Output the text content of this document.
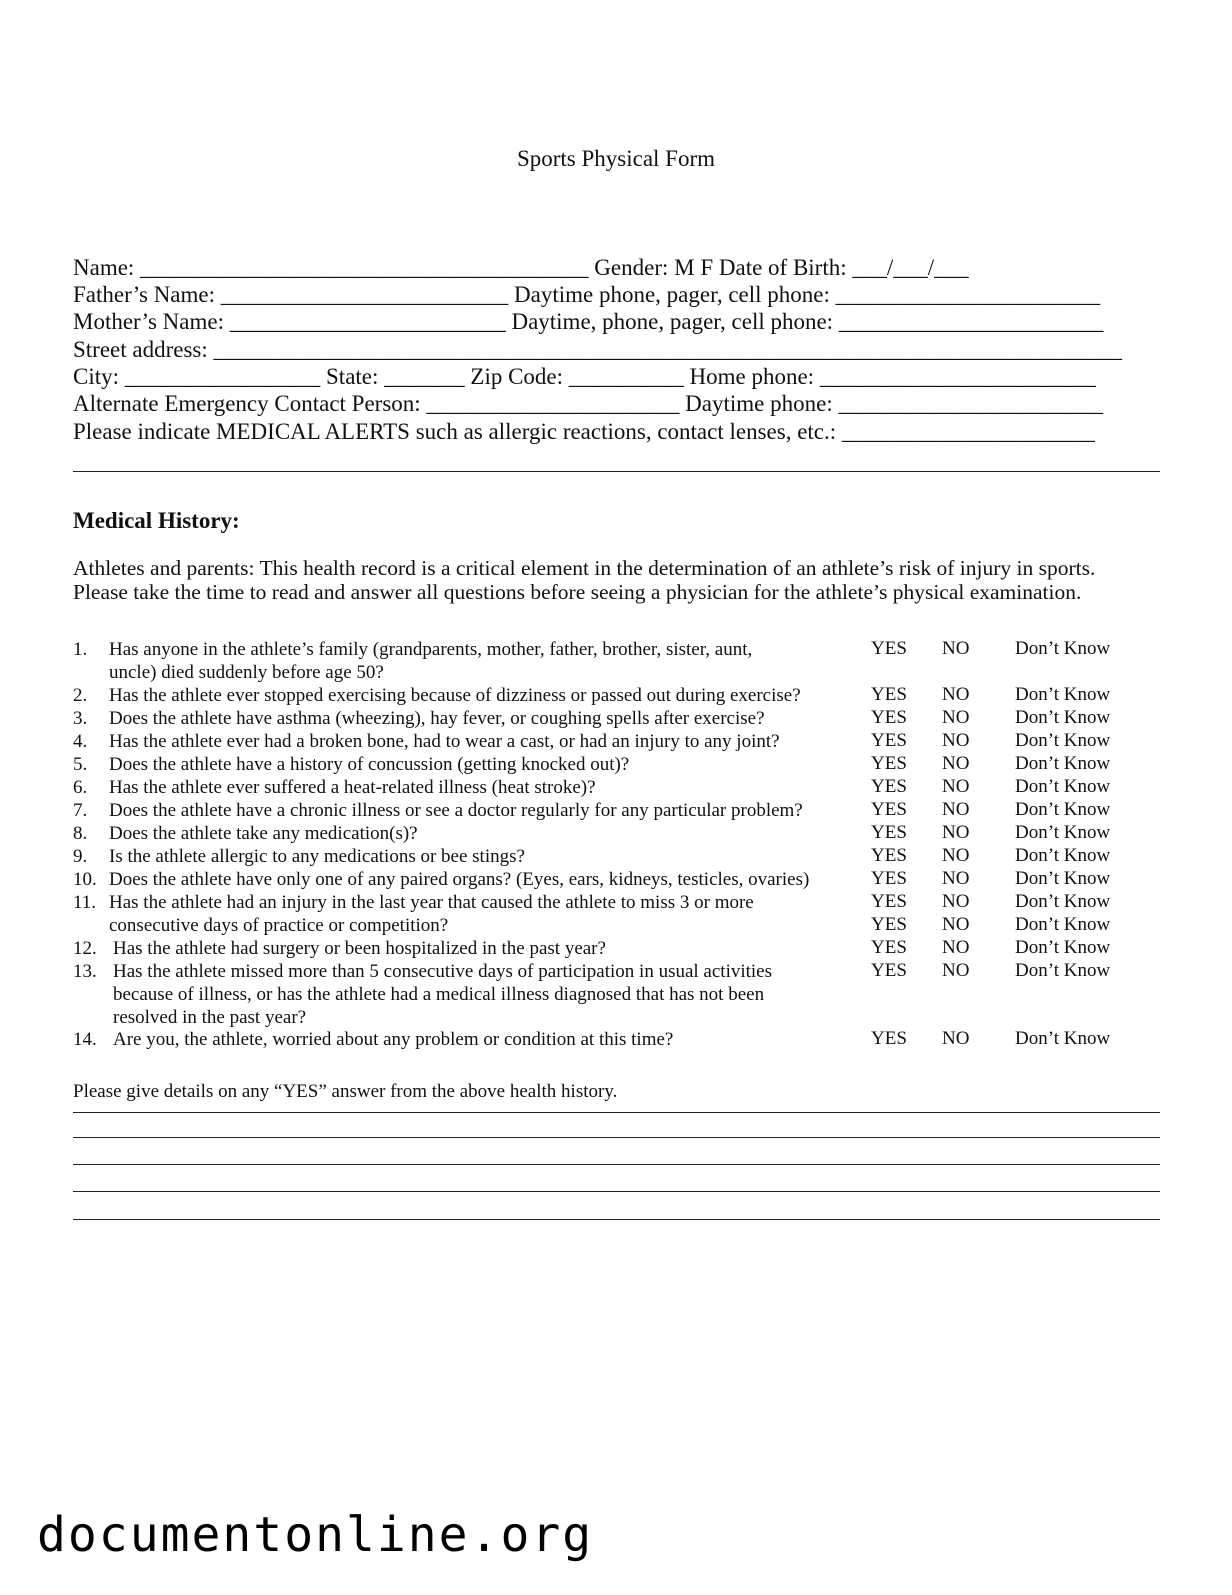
Sports Physical Form
Name: _______________________________________ Gender: M F Date of Birth: ___/___/___
Father’s Name: _________________________ Daytime phone, pager, cell phone: _______________________
Mother’s Name: ________________________ Daytime, phone, pager, cell phone: _______________________
Street address: _______________________________________________________________________________
City: _________________ State: _______ Zip Code: __________ Home phone: ________________________
Alternate Emergency Contact Person: ______________________ Daytime phone: _______________________
Please indicate MEDICAL ALERTS such as allergic reactions, contact lenses, etc.: ______________________
Medical History:
Athletes and parents: This health record is a critical element in the determination of an athlete’s risk of injury in sports.
Please take the time to read and answer all questions before seeing a physician for the athlete’s physical examination.
1. Has anyone in the athlete’s family (grandparents, mother, father, brother, sister, aunt,
uncle) died suddenly before age 50?
YES NO Don’t Know
2. Has the athlete ever stopped exercising because of dizziness or passed out during exercise?	YES NO Don’t Know
3. Does the athlete have asthma (wheezing), hay fever, or coughing spells after exercise?	YES NO Don’t Know
4. Has the athlete ever had a broken bone, had to wear a cast, or had an injury to any joint?	YES NO Don’t Know
5. Does the athlete have a history of concussion (getting knocked out)?	YES NO Don’t Know
6. Has the athlete ever suffered a heat-related illness (heat stroke)?	YES NO Don’t Know
7. Does the athlete have a chronic illness or see a doctor regularly for any particular problem?	YES NO Don’t Know
8. Does the athlete take any medication(s)?	YES NO Don’t Know
9. Is the athlete allergic to any medications or bee stings?	YES NO Don’t Know
10. Does the athlete have only one of any paired organs? (Eyes, ears, kidneys, testicles, ovaries)	YES NO Don’t Know
11. Has the athlete had an injury in the last year that caused the athlete to miss 3 or more
consecutive days of practice or competition?
YES NO Don’t Know
YES NO Don’t Know
12. Has the athlete had surgery or been hospitalized in the past year?	YES NO Don’t Know
13. Has the athlete missed more than 5 consecutive days of participation in usual activities
because of illness, or has the athlete had a medical illness diagnosed that has not been
resolved in the past year?
YES NO Don’t Know
14. Are you, the athlete, worried about any problem or condition at this time?	YES NO Don’t Know
Please give details on any “YES” answer from the above health history.
documentonline.org
